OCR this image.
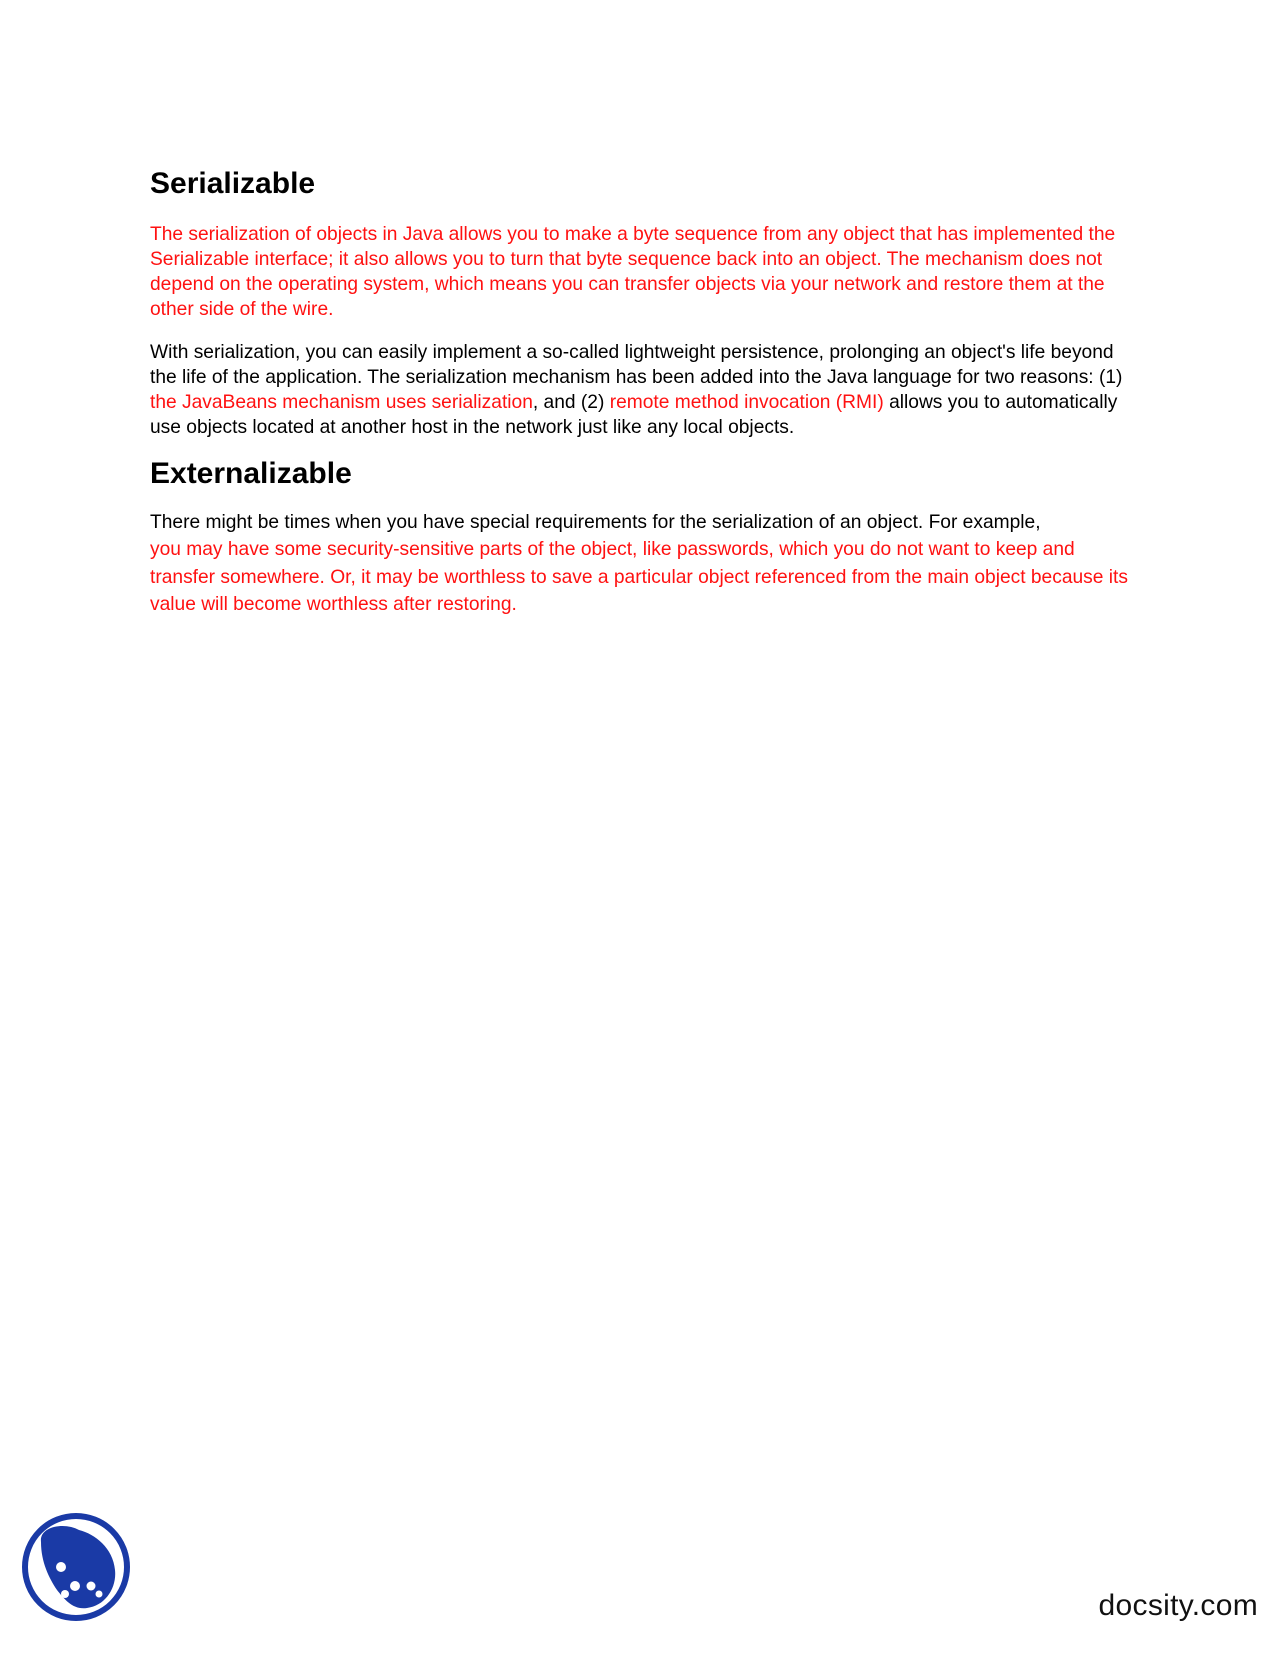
Serializable

The serialization of objects in Java allows you to make a byte sequence from any object that has implemented the Serializable interface; it also allows you to turn that byte sequence back into an object. The mechanism does not depend on the operating system, which means you can transfer objects via your network and restore them at the other side of the wire.

With serialization, you can easily implement a so-called lightweight persistence, prolonging an object's life beyond the life of the application. The serialization mechanism has been added into the Java language for two reasons: (1) the JavaBeans mechanism uses serialization, and (2) remote method invocation (RMI) allows you to automatically use objects located at another host in the network just like any local objects.

Externalizable

There might be times when you have special requirements for the serialization of an object. For example,

you may have some security-sensitive parts of the object, like passwords, which you do not want to keep and transfer somewhere. Or, it may be worthless to save a particular object referenced from the main object because its value will become worthless after restoring.

docsity.com
